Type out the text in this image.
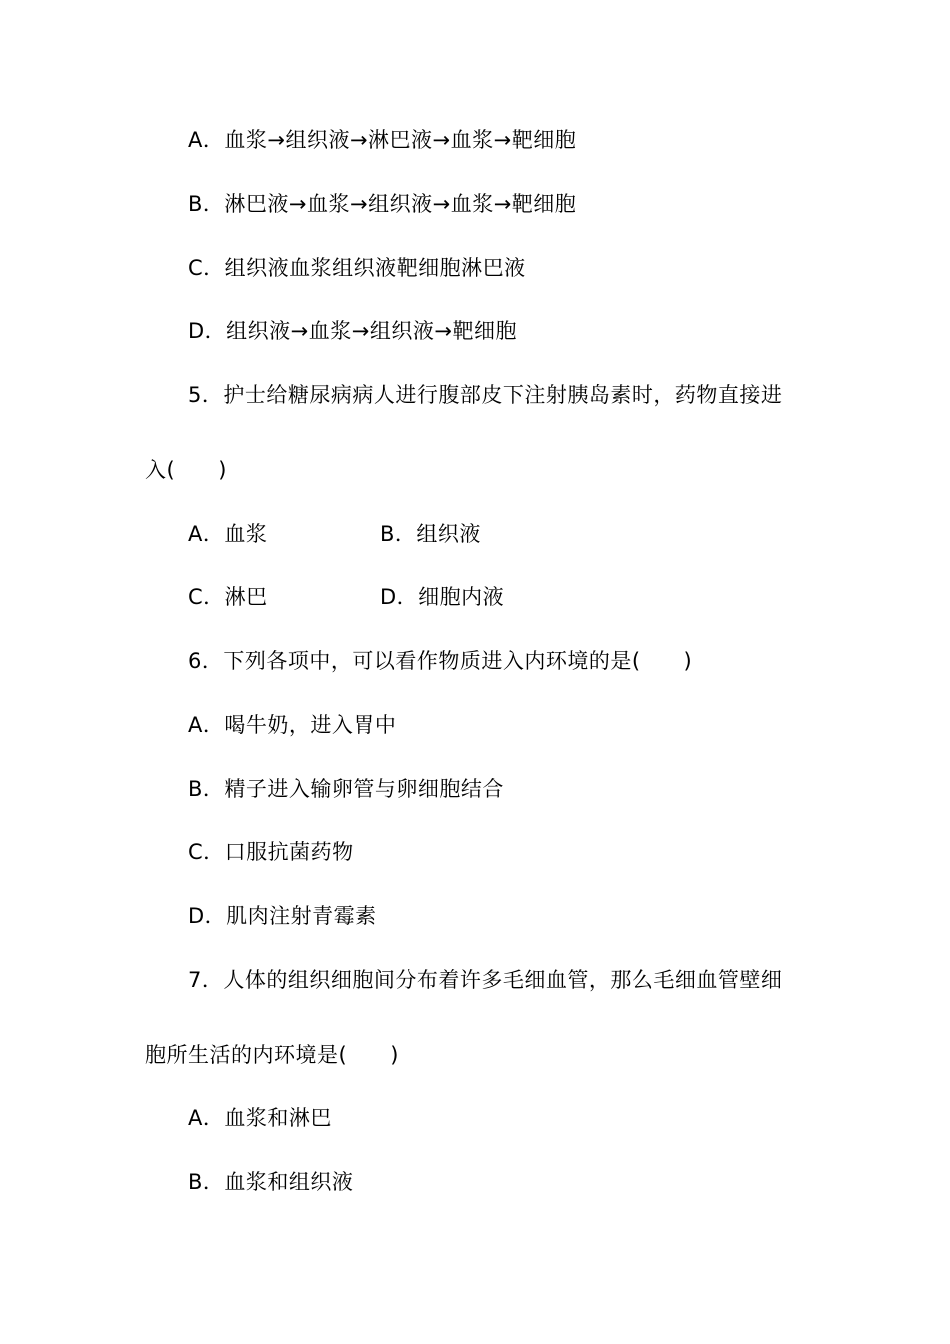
A．血浆→组织液→淋巴液→血浆→靶细胞
B．淋巴液→血浆→组织液→血浆→靶细胞
C．组织液血浆组织液靶细胞淋巴液
D．组织液→血浆→组织液→靶细胞
5．护士给糖尿病病人进行腹部皮下注射胰岛素时，药物直接进
入(　　)
A．血浆	B．组织液
C．淋巴	D．细胞内液
6．下列各项中，可以看作物质进入内环境的是(　　)
A．喝牛奶，进入胃中
B．精子进入输卵管与卵细胞结合
C．口服抗菌药物
D．肌肉注射青霉素
7．人体的组织细胞间分布着许多毛细血管，那么毛细血管壁细
胞所生活的内环境是(　　)
A．血浆和淋巴
B．血浆和组织液
